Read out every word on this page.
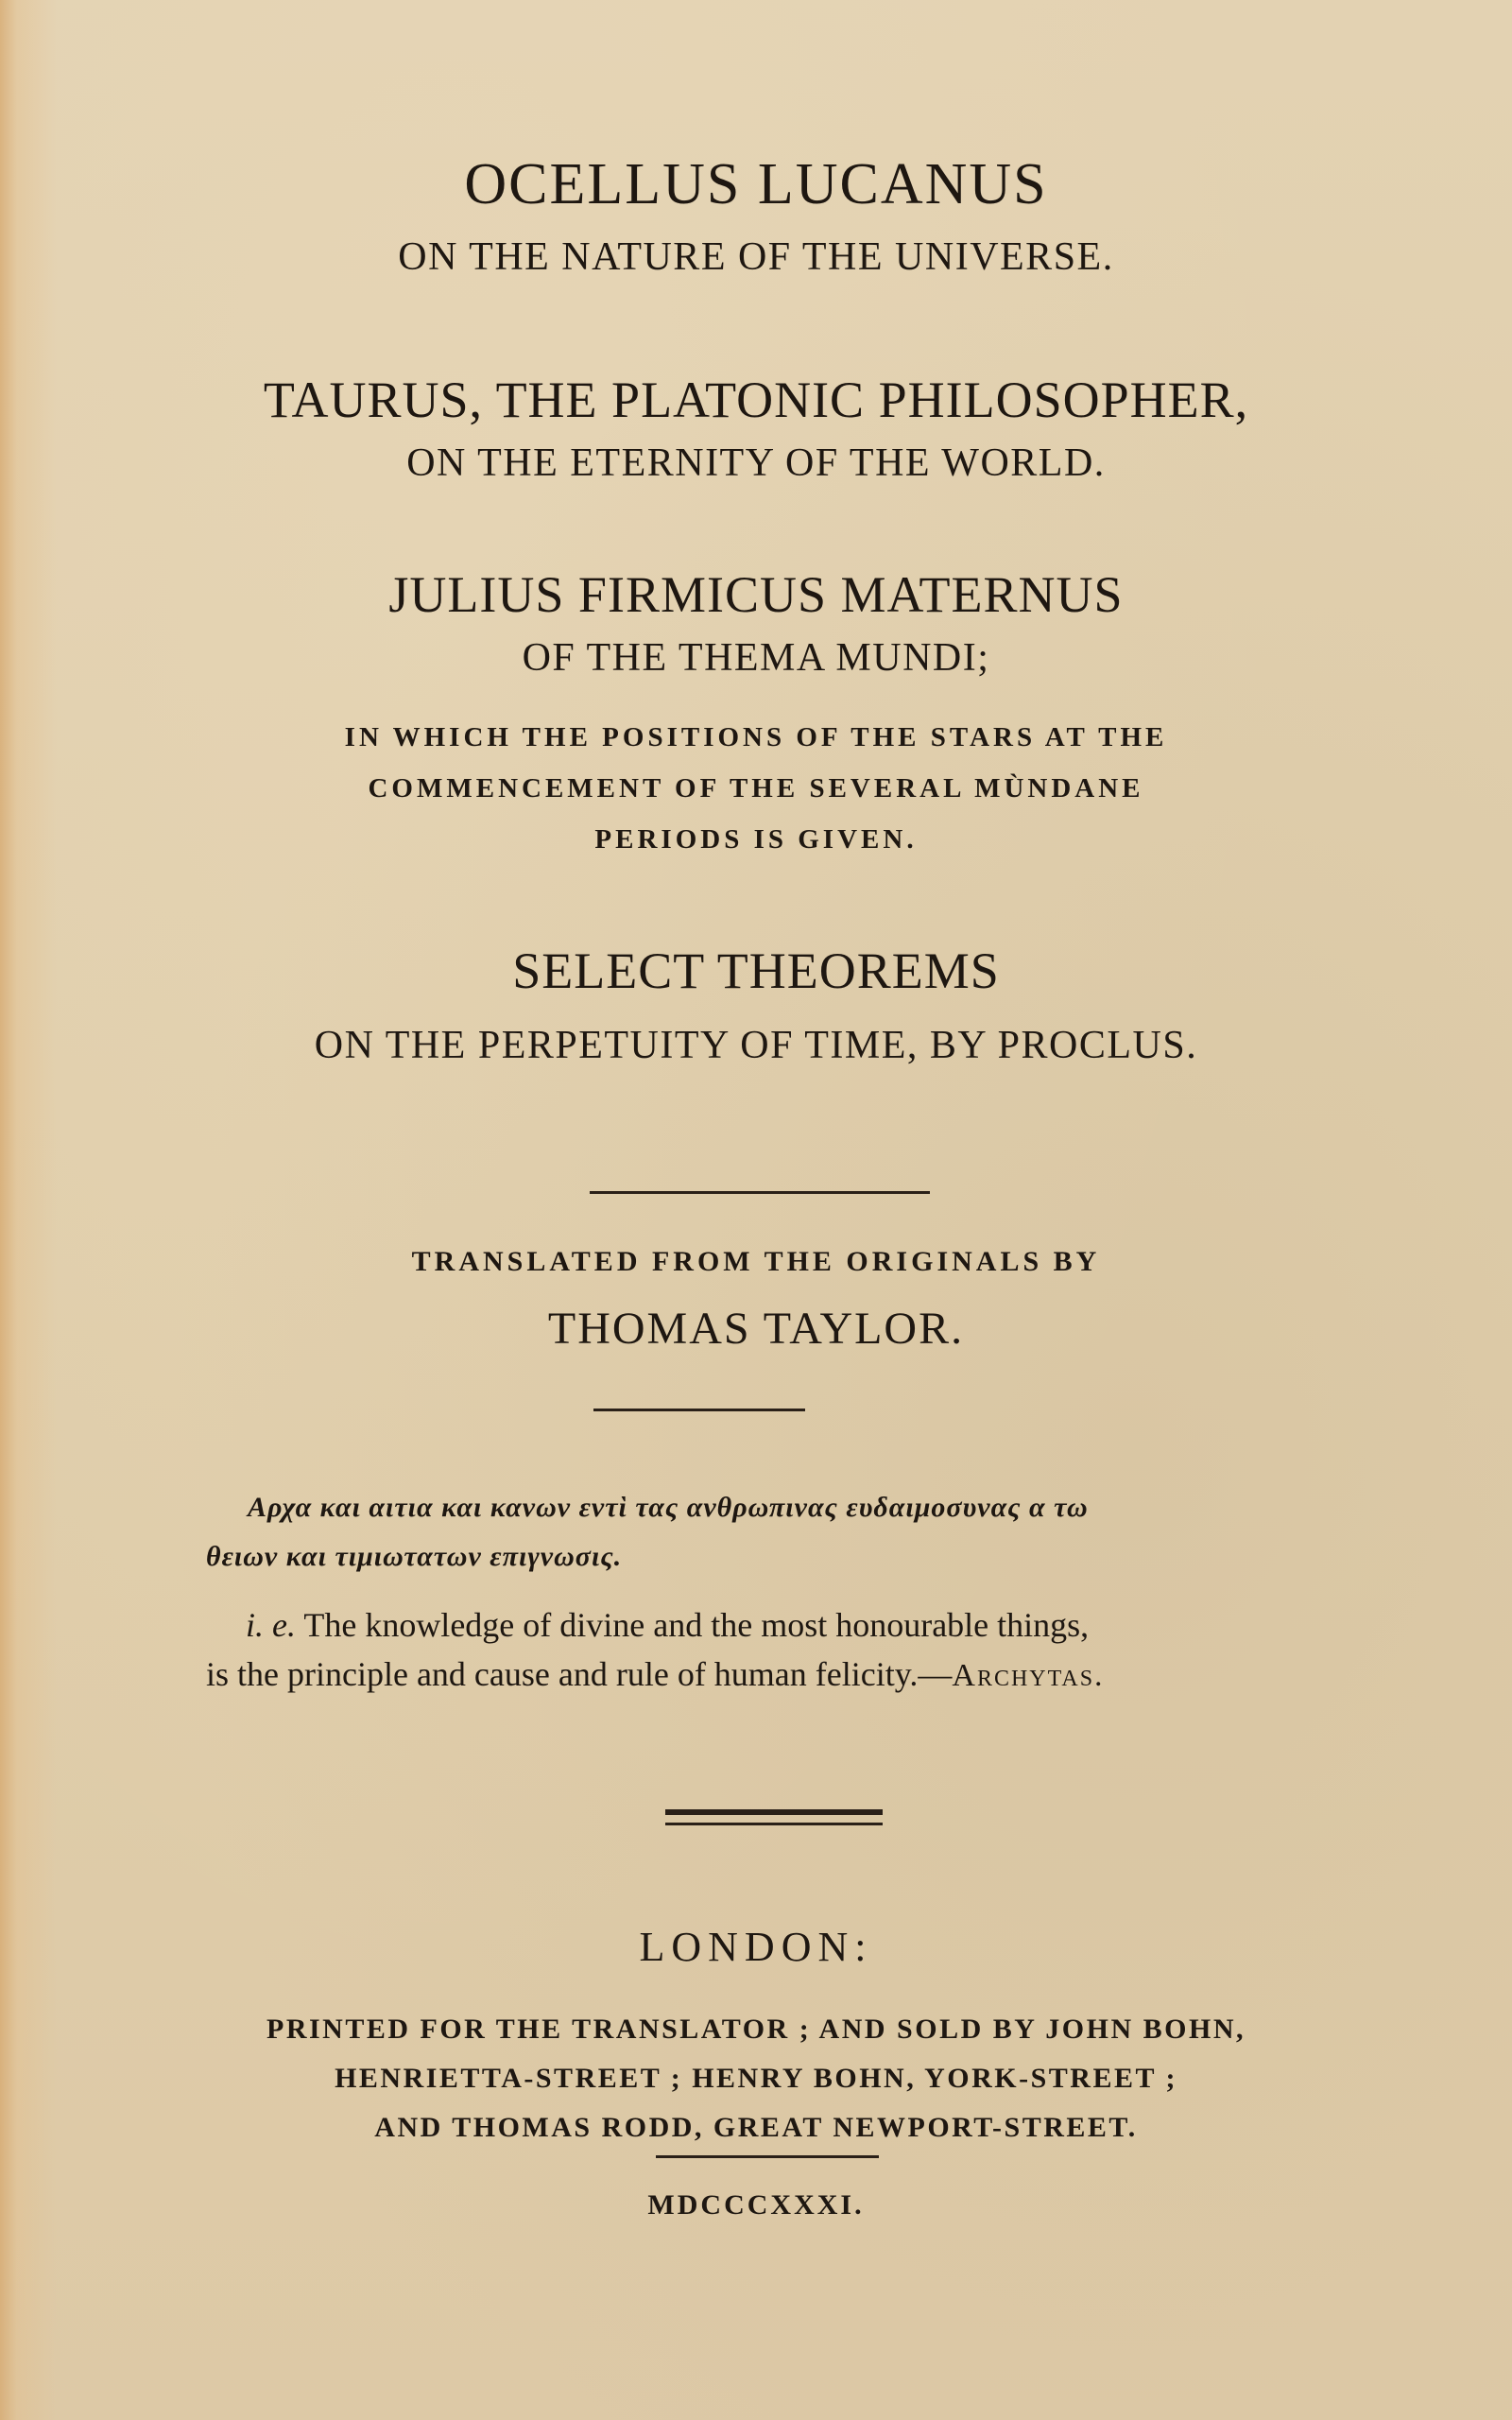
OCELLUS LUCANUS
ON THE NATURE OF THE UNIVERSE.
TAURUS, THE PLATONIC PHILOSOPHER,
ON THE ETERNITY OF THE WORLD.
JULIUS FIRMICUS MATERNUS
OF THE THEMA MUNDI;
IN WHICH THE POSITIONS OF THE STARS AT THE
COMMENCEMENT OF THE SEVERAL MÙNDANE
PERIODS IS GIVEN.
SELECT THEOREMS
ON THE PERPETUITY OF TIME, BY PROCLUS.
TRANSLATED FROM THE ORIGINALS BY
THOMAS TAYLOR.
Αρχα και αιτια και κανων εντὶ τας ανθρωπινας ευδαιμοσυνας α τω
θειων και τιμιωτατων επιγνωσις.
i. e. The knowledge of divine and the most honourable things,
is the principle and cause and rule of human felicity.—Archytas.
LONDON:
PRINTED FOR THE TRANSLATOR ; AND SOLD BY JOHN BOHN,
HENRIETTA-STREET ; HENRY BOHN, YORK-STREET ;
AND THOMAS RODD, GREAT NEWPORT-STREET.
MDCCCXXXI.
